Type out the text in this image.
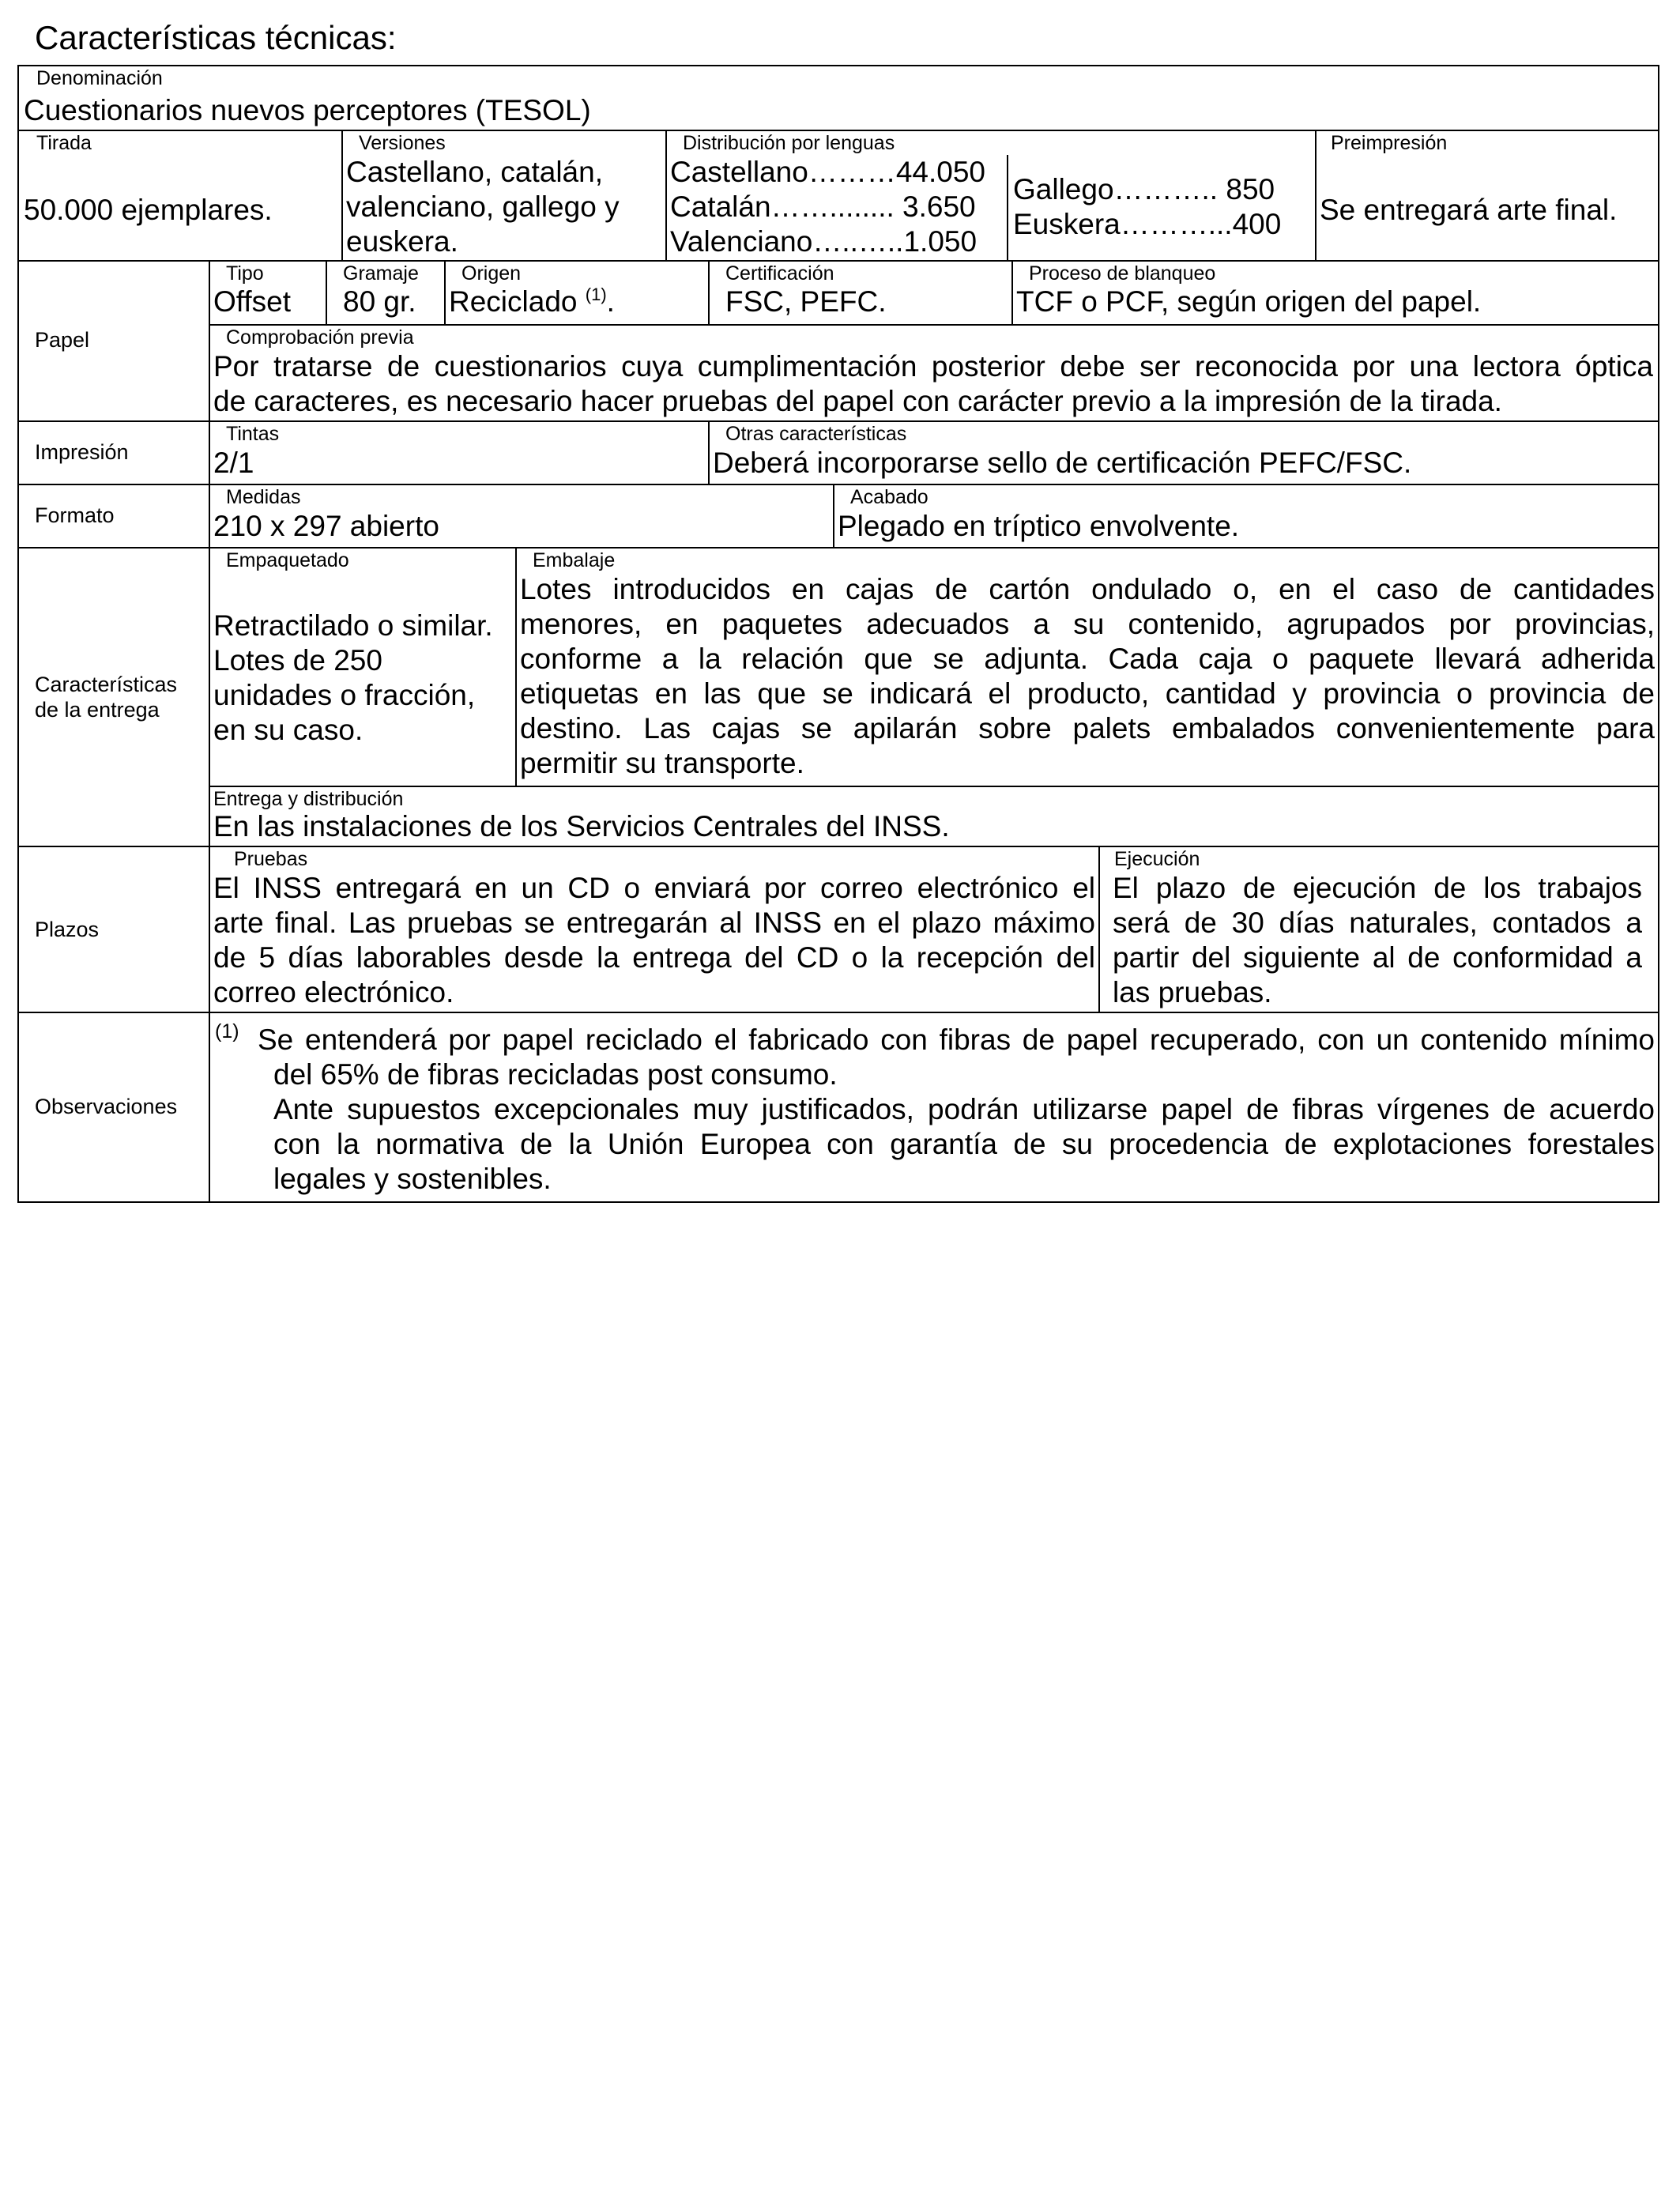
Características técnicas:
Denominación
Cuestionarios nuevos perceptores (TESOL)
Tirada
50.000 ejemplares.
Versiones
Castellano, catalán,
valenciano, gallego y
euskera.
Distribución por lenguas
Castellano………44.050
Catalán……........ 3.650
Valenciano…..…..1.050
Gallego……….. 850
Euskera………...400
Preimpresión
Se entregará arte final.
Papel
Tipo
Offset
Gramaje
80 gr.
Origen
Reciclado $^{(1)}$.
Certificación
FSC, PEFC.
Proceso de blanqueo
TCF o PCF, según origen del papel.
Comprobación previa
Por tratarse de cuestionarios cuya cumplimentación posterior debe ser reconocida por una lectora óptica
de caracteres, es necesario hacer pruebas del papel con carácter previo a la impresión de la tirada.
Impresión
Tintas
2/1
Otras características
Deberá incorporarse sello de certificación PEFC/FSC.
Formato
Medidas
210 x 297 abierto
Acabado
Plegado en tríptico envolvente.
Características
de la entrega
Empaquetado
Retractilado o similar.
Lotes de 250
unidades o fracción,
en su caso.
Embalaje
Lotes introducidos en cajas de cartón ondulado o, en el caso de cantidades
menores, en paquetes adecuados a su contenido, agrupados por provincias,
conforme a la relación que se adjunta. Cada caja o paquete llevará adherida
etiquetas en las que se indicará el producto, cantidad y provincia o provincia de
destino. Las cajas se apilarán sobre palets embalados convenientemente para
permitir su transporte.
Entrega y distribución
En las instalaciones de los Servicios Centrales del INSS.
Plazos
Pruebas
El INSS entregará en un CD o enviará por correo electrónico el
arte final. Las pruebas se entregarán al INSS en el plazo máximo
de 5 días laborables desde la entrega del CD o la recepción del
correo electrónico.
Ejecución
El plazo de ejecución de los trabajos
será de 30 días naturales, contados a
partir del siguiente al de conformidad a
las pruebas.
Observaciones
(1) Se entenderá por papel reciclado el fabricado con fibras de papel recuperado, con un contenido mínimo
del 65% de fibras recicladas post consumo.
Ante supuestos excepcionales muy justificados, podrán utilizarse papel de fibras vírgenes de acuerdo
con la normativa de la Unión Europea con garantía de su procedencia de explotaciones forestales
legales y sostenibles.
